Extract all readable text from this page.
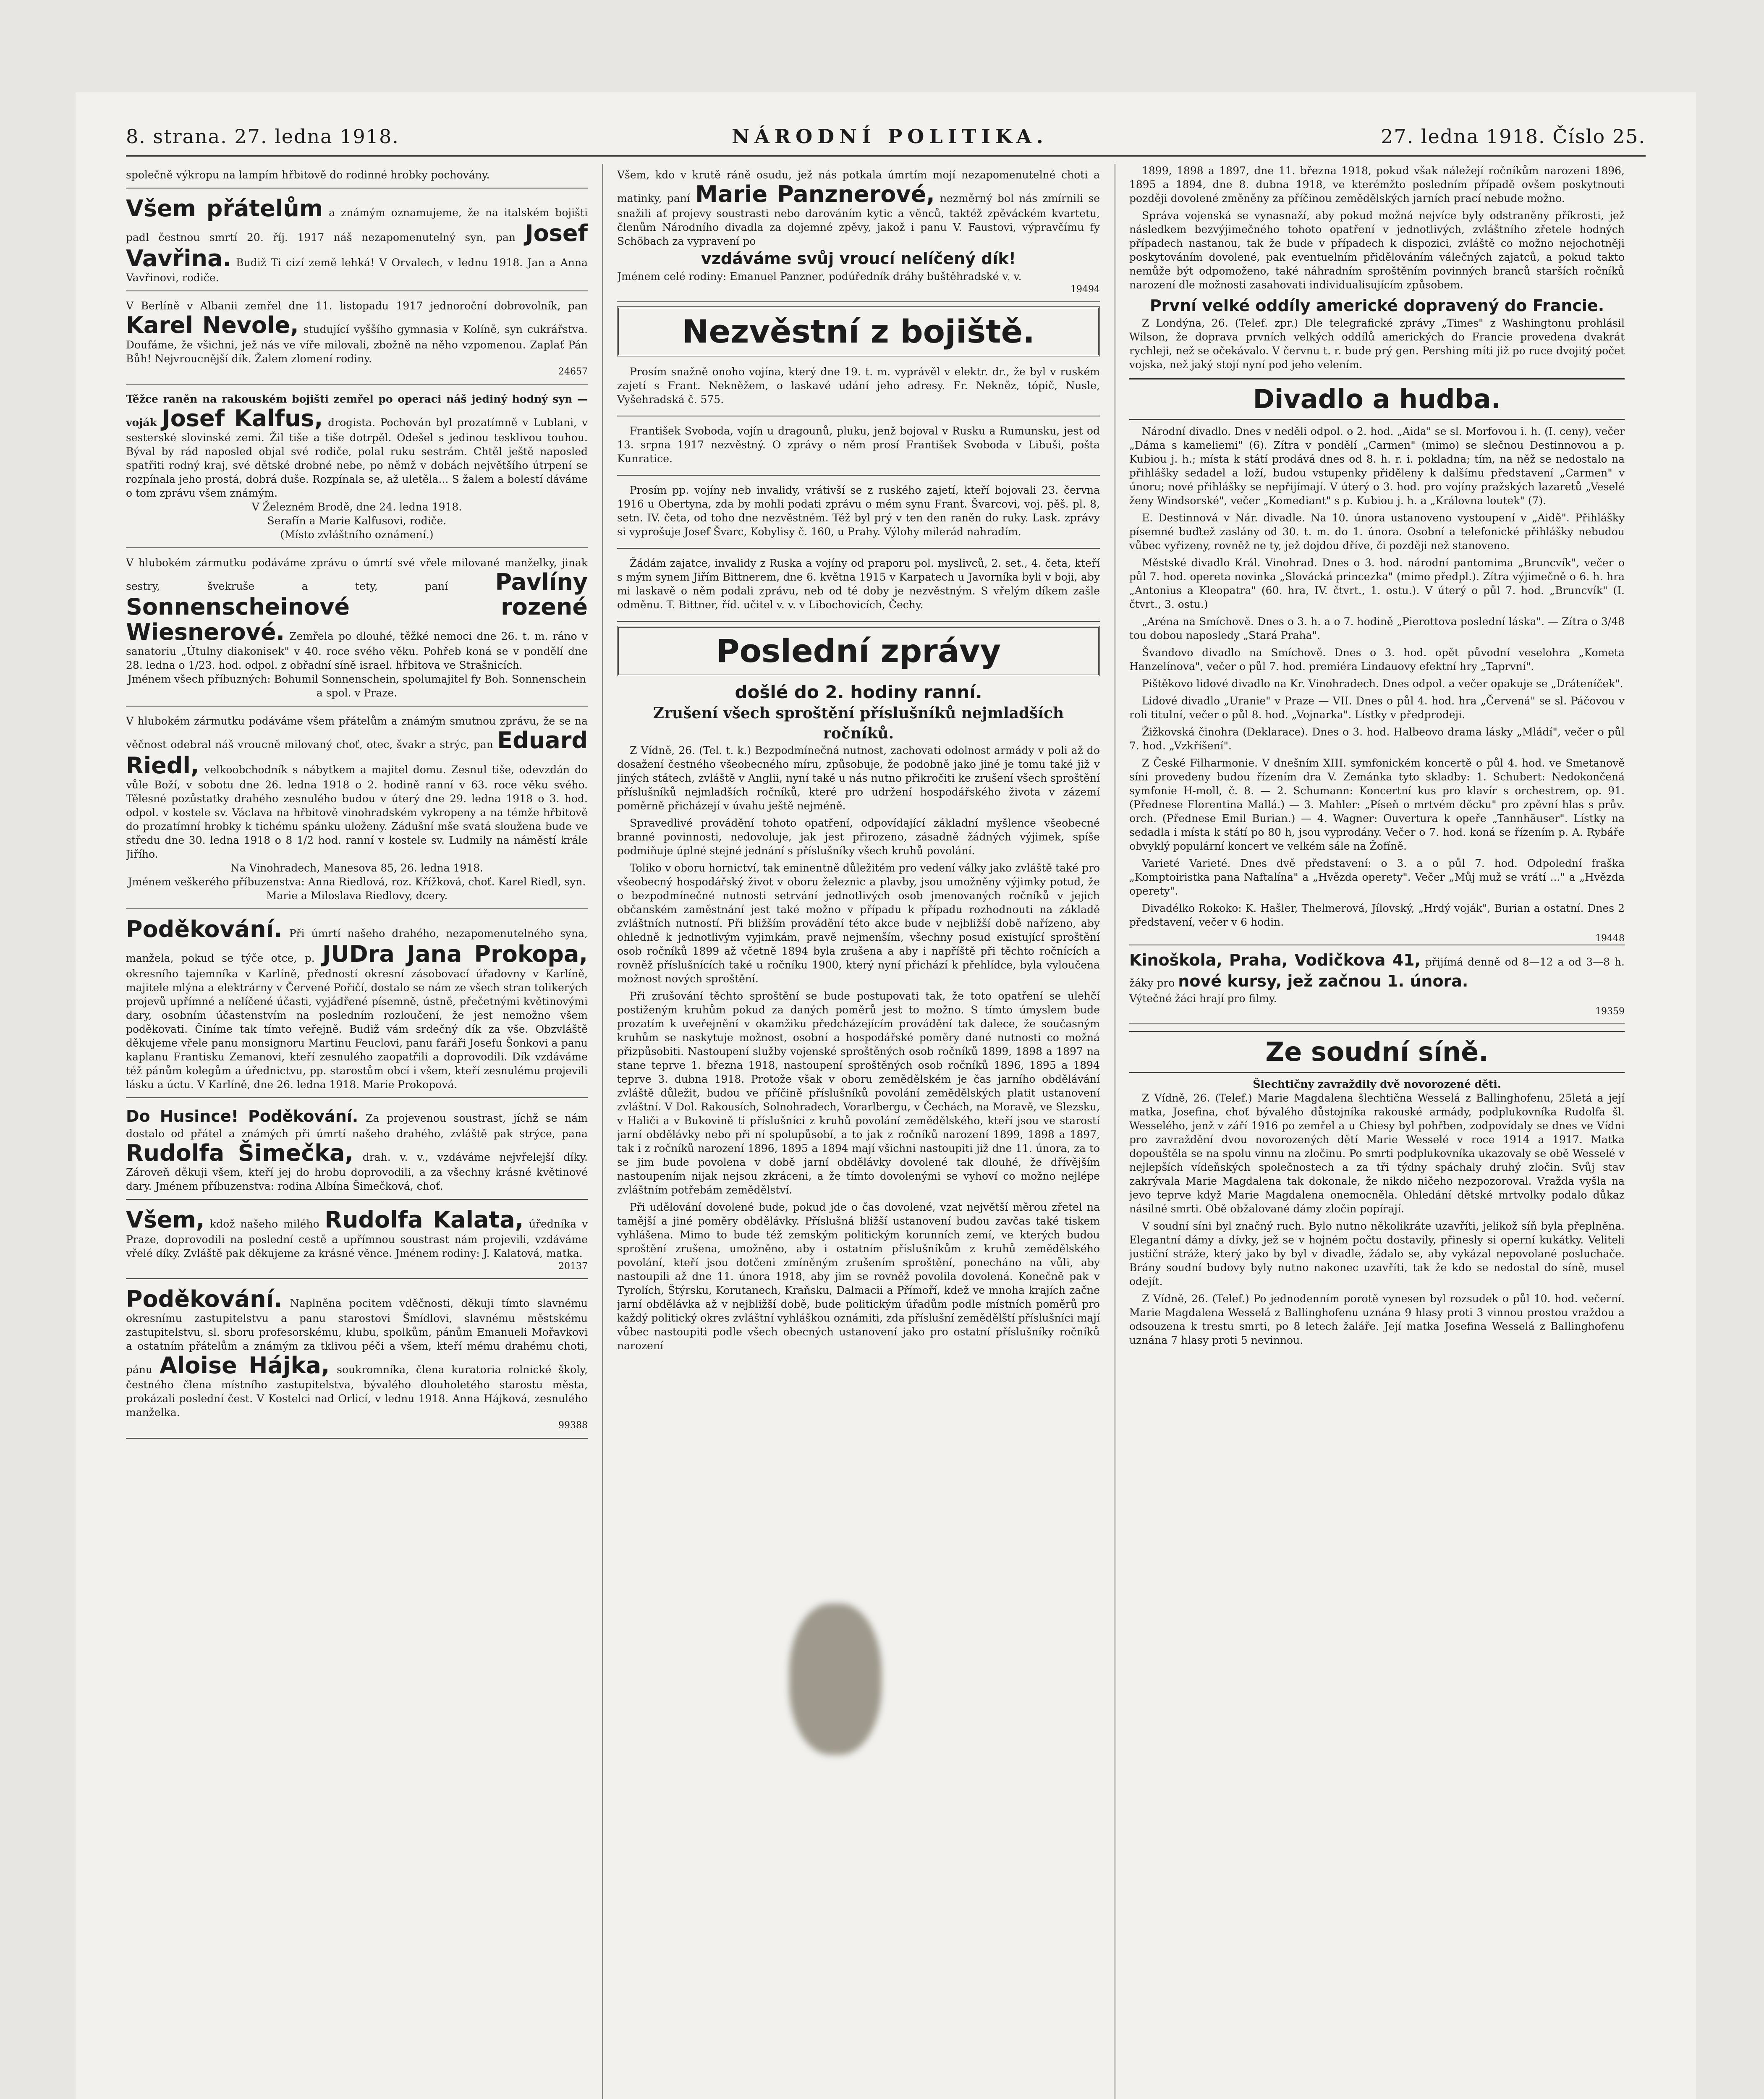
8. strana. 27. ledna 1918.	NÁRODNÍ POLITIKA.	27. ledna 1918. Číslo 25.
společně výkropu na lampím hřbitově do rodinné hrobky pochovány.
Všem přátelům a známým oznamujeme, že na italském bojišti padl čestnou smrtí 20. říj. 1917 náš nezapomenutelný syn, pan Josef Vavřina. Budiž Ti cizí země lehká! V Orvalech, v lednu 1918. Jan a Anna Vavřinovi, rodiče.
V Berlíně v Albanii zemřel dne 11. listopadu 1917 jednoroční dobrovolník, pan Karel Nevole, studující vyššího gymnasia v Kolíně, syn cukrářstva. Doufáme, že všichni, jež nás ve víře milovali, zbožně na něho vzpomenou. Zaplať Pán Bůh! Nejvroucnější dík. Žalem zlomení rodiny.
24657
Těžce raněn na rakouském bojišti zemřel po operaci náš jediný hodný syn — voják Josef Kalfus, drogista. Pochován byl prozatímně v Lublani, v sesterské slovinské zemi. Žil tiše a tiše dotrpěl. Odešel s jedinou tesklivou touhou. Býval by rád naposled objal své rodiče, polal ruku sestrám. Chtěl ještě naposled spatřiti rodný kraj, své dětské drobné nebe, po němž v dobách největšího útrpení se rozpínala jeho prostá, dobrá duše. Rozpínala se, až uletěla... S žalem a bolestí dáváme o tom zprávu všem známým.
V Železném Brodě, dne 24. ledna 1918.
Serafín a Marie Kalfusovi, rodiče.
(Místo zvláštního oznámení.)
V hlubokém zármutku podáváme zprávu o úmrtí své vřele milované manželky, jinak sestry, švekruše a tety, paní Pavlíny Sonnenscheinové rozené Wiesnerové. Zemřela po dlouhé, těžké nemoci dne 26. t. m. ráno v sanatoriu „Útulny diakonisek" v 40. roce svého věku. Pohřeb koná se v pondělí dne 28. ledna o 1/23. hod. odpol. z obřadní síně israel. hřbitova ve Strašnicích.
Jménem všech příbuzných: Bohumil Sonnenschein, spolumajitel fy Boh. Sonnenschein a spol. v Praze.
V hlubokém zármutku podáváme všem přátelům a známým smutnou zprávu, že se na věčnost odebral náš vroucně milovaný choť, otec, švakr a strýc, pan Eduard Riedl, velkoobchodník s nábytkem a majitel domu. Zesnul tiše, odevzdán do vůle Boží, v sobotu dne 26. ledna 1918 o 2. hodině ranní v 63. roce věku svého. Tělesné pozůstatky drahého zesnulého budou v úterý dne 29. ledna 1918 o 3. hod. odpol. v kostele sv. Václava na hřbitově vinohradském vykropeny a na témže hřbitově do prozatímní hrobky k tichému spánku uloženy. Zádušní mše svatá sloužena bude ve středu dne 30. ledna 1918 o 8 1/2 hod. ranní v kostele sv. Ludmily na náměstí krále Jiřího.
Na Vinohradech, Manesova 85, 26. ledna 1918.
Jménem veškerého příbuzenstva: Anna Riedlová, roz. Křížková, choť. Karel Riedl, syn. Marie a Miloslava Riedlovy, dcery.
Poděkování. Při úmrtí našeho drahého, nezapomenutelného syna, manžela, pokud se týče otce, p. JUDra Jana Prokopa, okresního tajemníka v Karlíně, předností okresní zásobovací úřadovny v Karlíně, majitele mlýna a elektrárny v Červené Pořičí, dostalo se nám ze všech stran tolikerých projevů upřímné a nelíčené účasti, vyjádřené písemně, ústně, přečetnými květinovými dary, osobním účastenstvím na posledním rozloučení, že jest nemožno všem poděkovati. Činíme tak tímto veřejně. Budiž vám srdečný dík za vše. Obzvláště děkujeme vřele panu monsignoru Martinu Feuclovi, panu faráři Josefu Šonkovi a panu kaplanu Frantisku Zemanovi, kteří zesnulého zaopatřili a doprovodili. Dík vzdáváme též pánům kolegům a úřednictvu, pp. starostům obcí i všem, kteří zesnulému projevili lásku a úctu. V Karlíně, dne 26. ledna 1918. Marie Prokopová.
Do Husince! Poděkování. Za projevenou soustrast, jíchž se nám dostalo od přátel a známých při úmrtí našeho drahého, zvláště pak strýce, pana Rudolfa Šimečka, drah. v. v., vzdáváme nejvřelejší díky. Zároveň děkuji všem, kteří jej do hrobu doprovodili, a za všechny krásné květinové dary. Jménem příbuzenstva: rodina Albína Šimečková, choť.
Všem, kdož našeho milého Rudolfa Kalata, úředníka v Praze, doprovodili na poslední cestě a upřímnou soustrast nám projevili, vzdáváme vřelé díky. Zvláště pak děkujeme za krásné věnce. Jménem rodiny: J. Kalatová, matka.
20137
Poděkování. Naplněna pocitem vděčnosti, děkuji tímto slavnému okresnímu zastupitelstvu a panu starostovi Šmídlovi, slavnému městskému zastupitelstvu, sl. sboru profesorskému, klubu, spolkům, pánům Emanueli Mořavkovi a ostatním přátelům a známým za tklivou péči a všem, kteří mému drahému choti, pánu Aloise Hájka, soukromníka, člena kuratoria rolnické školy, čestného člena místního zastupitelstva, bývalého dlouholetého starostu města, prokázali poslední čest. V Kostelci nad Orlicí, v lednu 1918. Anna Hájková, zesnulého manželka.
99388
Všem, kdo v krutě ráně osudu, jež nás potkala úmrtím mojí nezapomenutelné choti a matinky, paní Marie Panznerové, nezměrný bol nás zmírnili se snažili ať projevy soustrasti nebo darováním kytic a věnců, taktéž zpěváckém kvartetu, členům Národního divadla za dojemné zpěvy, jakož i panu V. Faustovi, výpravčímu fy Schöbach za vypravení po
vzdáváme svůj vroucí nelíčený dík!
Jménem celé rodiny: Emanuel Panzner, podúředník dráhy buštěhradské v. v.
19494
Nezvěstní z bojiště.

Prosím snažně onoho vojína, který dne 19. t. m. vyprávěl v elektr. dr., že byl v ruském zajetí s Frant. Nekněžem, o laskavé udání jeho adresy. Fr. Nekněz, tópič, Nusle, Vyšehradská č. 575.

František Svoboda, vojín u dragounů, pluku, jenž bojoval v Rusku a Rumunsku, jest od 13. srpna 1917 nezvěstný. O zprávy o něm prosí František Svoboda v Libuši, pošta Kunratice.

Prosím pp. vojíny neb invalidy, vrátivší se z ruského zajetí, kteří bojovali 23. června 1916 u Obertyna, zda by mohli podati zprávu o mém synu Frant. Švarcovi, voj. pěš. pl. 8, setn. IV. četa, od toho dne nezvěstném. Též byl prý v ten den raněn do ruky. Lask. zprávy si vyprošuje Josef Švarc, Kobylisy č. 160, u Prahy. Výlohy milerád nahradím.

Žádám zajatce, invalidy z Ruska a vojíny od praporu pol. myslivců, 2. set., 4. četa, kteří s mým synem Jiřím Bittnerem, dne 6. května 1915 v Karpatech u Javorníka byli v boji, aby mi laskavě o něm podali zprávu, neb od té doby je nezvěstným. S vřelým díkem zašle odměnu. T. Bittner, říd. učitel v. v. v Libochovicích, Čechy.

Poslední zprávy
došlé do 2. hodiny ranní.
Zrušení všech sproštění příslušníků nejmladších ročníků.

Z Vídně, 26. (Tel. t. k.) Bezpodmínečná nutnost, zachovati odolnost armády v poli až do dosažení čestného všeobecného míru, způsobuje, že podobně jako jiné je tomu také již v jiných státech, zvláště v Anglii, nyní také u nás nutno přikročiti ke zrušení všech sproštění příslušníků nejmladších ročníků, které pro udržení hospodářského života v zázemí poměrně přicházejí v úvahu ještě nejméně.

Spravedlivé provádění tohoto opatření, odpovídající základní myšlence všeobecné branné povinnosti, nedovoluje, jak jest přirozeno, zásadně žádných výjimek, spíše podmiňuje úplné stejné jednání s příslušníky všech kruhů povolání.

Toliko v oboru hornictví, tak eminentně důležitém pro vedení války jako zvláště také pro všeobecný hospodářský život v oboru železnic a plavby, jsou umožněny výjimky potud, že o bezpodmínečné nutnosti setrvání jednotlivých osob jmenovaných ročníků v jejich občanském zaměstnání jest také možno v případu k případu rozhodnouti na základě zvláštních nutností. Při bližším provádění této akce bude v nejbližší době nařízeno, aby ohledně k jednotlivým vyjimkám, pravě nejmenším, všechny posud existující sproštění osob ročníků 1899 až včetně 1894 byla zrušena a aby i napříště při těchto ročnících a rovněž příslušnících také u ročníku 1900, který nyní přichází k přehlídce, byla vyloučena možnost nových sproštění.

Při zrušování těchto sproštění se bude postupovati tak, že toto opatření se ulehčí postiženým kruhům pokud za daných poměrů jest to možno. S tímto úmyslem bude prozatím k uveřejnění v okamžiku předcházejícím provádění tak dalece, že současným kruhům se naskytuje možnost, osobní a hospodářské poměry dané nutnosti co možná přizpůsobiti. Nastoupení služby vojenské sproštěných osob ročníků 1899, 1898 a 1897 na stane teprve 1. března 1918, nastoupení sproštěných osob ročníků 1896, 1895 a 1894 teprve 3. dubna 1918. Protože však v oboru zemědělském je čas jarního obdělávání zvláště důležit, budou ve příčině příslušníků povolání zemědělských platit ustanovení zvláštní. V Dol. Rakousích, Solnohradech, Vorarlbergu, v Čechách, na Moravě, ve Slezsku, v Haliči a v Bukovině ti příslušníci z kruhů povolání zemědělského, kteří jsou ve starostí jarní obdělávky nebo při ní spolupůsobí, a to jak z ročníků narození 1899, 1898 a 1897, tak i z ročníků narození 1896, 1895 a 1894 mají všichni nastoupiti již dne 11. února, za to se jim bude povolena v době jarní obdělávky dovolené tak dlouhé, že dřívějším nastoupením nijak nejsou zkráceni, a že tímto dovolenými se vyhoví co možno nejlépe zvláštním potřebám zemědělství.

Při udělování dovolené bude, pokud jde o čas dovolené, vzat největší měrou zřetel na tamější a jiné poměry obdělávky. Příslušná bližší ustanovení budou zavčas také tiskem vyhlášena. Mimo to bude též zemským politickým korunních zemí, ve kterých budou sproštění zrušena, umožněno, aby i ostatním příslušníkům z kruhů zemědělského povolání, kteří jsou dotčeni zmíněným zrušením sproštění, ponecháno na vůli, aby nastoupili až dne 11. února 1918, aby jim se rovněž povolila dovolená. Konečně pak v Tyrolích, Štýrsku, Korutanech, Kraňsku, Dalmacii a Přímoří, kdež ve mnoha krajích začne jarní obdělávka až v nejbližší době, bude politickým úřadům podle místních poměrů pro každý politický okres zvláštní vyhláškou oznámiti, zda příslušní zemědělští příslušníci mají vůbec nastoupiti podle všech obecných ustanovení jako pro ostatní příslušníky ročníků narození

1899, 1898 a 1897, dne 11. března 1918, pokud však náležejí ročníkům narozeni 1896, 1895 a 1894, dne 8. dubna 1918, ve kterémžto posledním případě ovšem poskytnouti později dovolené změněny za příčinou zemědělských jarních prací nebude možno.

Správa vojenská se vynasnaží, aby pokud možná nejvíce byly odstraněny příkrosti, jež následkem bezvýjimečného tohoto opatření v jednotlivých, zvláštního zřetele hodných případech nastanou, tak že bude v případech k dispozici, zvláště co možno nejochotněji poskytováním dovolené, pak eventuelním přidělováním válečných zajatců, a pokud takto nemůže být odpomoženo, také náhradním sproštěním povinných branců starších ročníků narození dle možnosti zasahovati individualisujícím způsobem.

První velké oddíly americké dopravený do Francie.

Z Londýna, 26. (Telef. zpr.) Dle telegrafické zprávy „Times" z Washingtonu prohlásil Wilson, že doprava prvních velkých oddílů amerických do Francie provedena dvakrát rychleji, než se očekávalo. V červnu t. r. bude prý gen. Pershing míti již po ruce dvojitý počet vojska, než jaký stojí nyní pod jeho velením.

Divadlo a hudba.

Národní divadlo. Dnes v neděli odpol. o 2. hod. „Aida" se sl. Morfovou i. h. (I. ceny), večer „Dáma s kameliemi" (6). Zítra v pondělí „Carmen" (mimo) se slečnou Destinnovou a p. Kubiou j. h.; místa k státí prodává dnes od 8. h. r. i. pokladna; tím, na něž se nedostalo na přihlášky sedadel a loží, budou vstupenky přiděleny k dalšímu představení „Carmen" v únoru; nové přihlášky se nepřijímají. V úterý o 3. hod. pro vojíny pražských lazaretů „Veselé ženy Windsorské", večer „Komediant" s p. Kubiou j. h. a „Královna loutek" (7).

E. Destinnová v Nár. divadle. Na 10. února ustanoveno vystoupení v „Aidě". Přihlášky písemné buďtež zaslány od 30. t. m. do 1. února. Osobní a telefonické přihlášky nebudou vůbec vyřizeny, rovněž ne ty, jež dojdou dříve, či později než stanoveno.

Městské divadlo Král. Vinohrad. Dnes o 3. hod. národní pantomima „Bruncvík", večer o půl 7. hod. opereta novinka „Slovácká princezka" (mimo předpl.). Zítra výjimečně o 6. h. hra „Antonius a Kleopatra" (60. hra, IV. čtvrt., 1. ostu.). V úterý o půl 7. hod. „Bruncvík" (I. čtvrt., 3. ostu.)

„Aréna na Smíchově. Dnes o 3. h. a o 7. hodině „Pierottova poslední láska". — Zítra o 3/48 tou dobou naposledy „Stará Praha".

Švandovo divadlo na Smíchově. Dnes o 3. hod. opět původní veselohra „Kometa Hanzelínova", večer o půl 7. hod. premiéra Lindauovy efektní hry „Taprvní".

Pištěkovo lidové divadlo na Kr. Vinohradech. Dnes odpol. a večer opakuje se „Dráteníček".

Lidové divadlo „Uranie" v Praze — VII. Dnes o půl 4. hod. hra „Červená" se sl. Páčovou v roli titulní, večer o půl 8. hod. „Vojnarka". Lístky v předprodeji.

Žižkovská činohra (Deklarace). Dnes o 3. hod. Halbeovo drama lásky „Mládí", večer o půl 7. hod. „Vzkříšení".

Z České Filharmonie. V dnešním XIII. symfonickém koncertě o půl 4. hod. ve Smetanově síni provedeny budou řízením dra V. Zemánka tyto skladby: 1. Schubert: Nedokončená symfonie H-moll, č. 8. — 2. Schumann: Koncertní kus pro klavír s orchestrem, op. 91. (Přednese Florentina Mallá.) — 3. Mahler: „Píseň o mrtvém děcku" pro zpěvní hlas s prův. orch. (Přednese Emil Burian.) — 4. Wagner: Ouvertura k opeře „Tannhäuser". Lístky na sedadla i místa k státí po 80 h, jsou vyprodány. Večer o 7. hod. koná se řízením p. A. Rybáře obvyklý populární koncert ve velkém sále na Žofíně.

Varieté Varieté. Dnes dvě představení: o 3. a o půl 7. hod. Odpolední fraška „Komptoiristka pana Naftalína" a „Hvězda operety". Večer „Můj muž se vrátí ..." a „Hvězda operety".

Divadélko Rokoko: K. Hašler, Thelmerová, Jílovský, „Hrdý voják", Burian a ostatní. Dnes 2 představení, večer v 6 hodin.

19448
Kinoškola, Praha, Vodičkova 41, přijímá denně od 8—12 a od 3—8 h. žáky pro nové kursy, jež začnou 1. února.
Výtečné žáci hrají pro filmy.
19359
Ze soudní síně.
Šlechtičny zavraždily dvě novorozené děti.

Z Vídně, 26. (Telef.) Marie Magdalena šlechtična Wesselá z Ballinghofenu, 25letá a její matka, Josefina, choť bývalého důstojníka rakouské armády, podplukovníka Rudolfa šl. Wesselého, jenž v září 1916 po zemřel a u Chiesy byl pohřben, zodpovídaly se dnes ve Vídni pro zavraždění dvou novorozených dětí Marie Wesselé v roce 1914 a 1917. Matka dopouštěla se na spolu vinnu na zločinu. Po smrti podplukovníka ukazovaly se obě Wesselé v nejlepších vídeňských společnostech a za tři týdny spáchaly druhý zločin. Svůj stav zakrývala Marie Magdalena tak dokonale, že nikdo ničeho nezpozoroval. Vražda vyšla na jevo teprve když Marie Magdalena onemocněla. Ohledání dětské mrtvolky podalo důkaz násilné smrti. Obě obžalované dámy zločin popírají.

V soudní síni byl značný ruch. Bylo nutno několikráte uzavříti, jelikož síň byla přeplněna. Elegantní dámy a dívky, jež se v hojném počtu dostavily, přinesly si operní kukátky. Veliteli justiční stráže, který jako by byl v divadle, žádalo se, aby vykázal nepovolané posluchače. Brány soudní budovy byly nutno nakonec uzavříti, tak že kdo se nedostal do síně, musel odejít.

Z Vídně, 26. (Telef.) Po jednodenním porotě vynesen byl rozsudek o půl 10. hod. večerní. Marie Magdalena Wesselá z Ballinghofenu uznána 9 hlasy proti 3 vinnou prostou vraždou a odsouzena k trestu smrti, po 8 letech žaláře. Její matka Josefina Wesselá z Ballinghofenu uznána 7 hlasy proti 5 nevinnou.
